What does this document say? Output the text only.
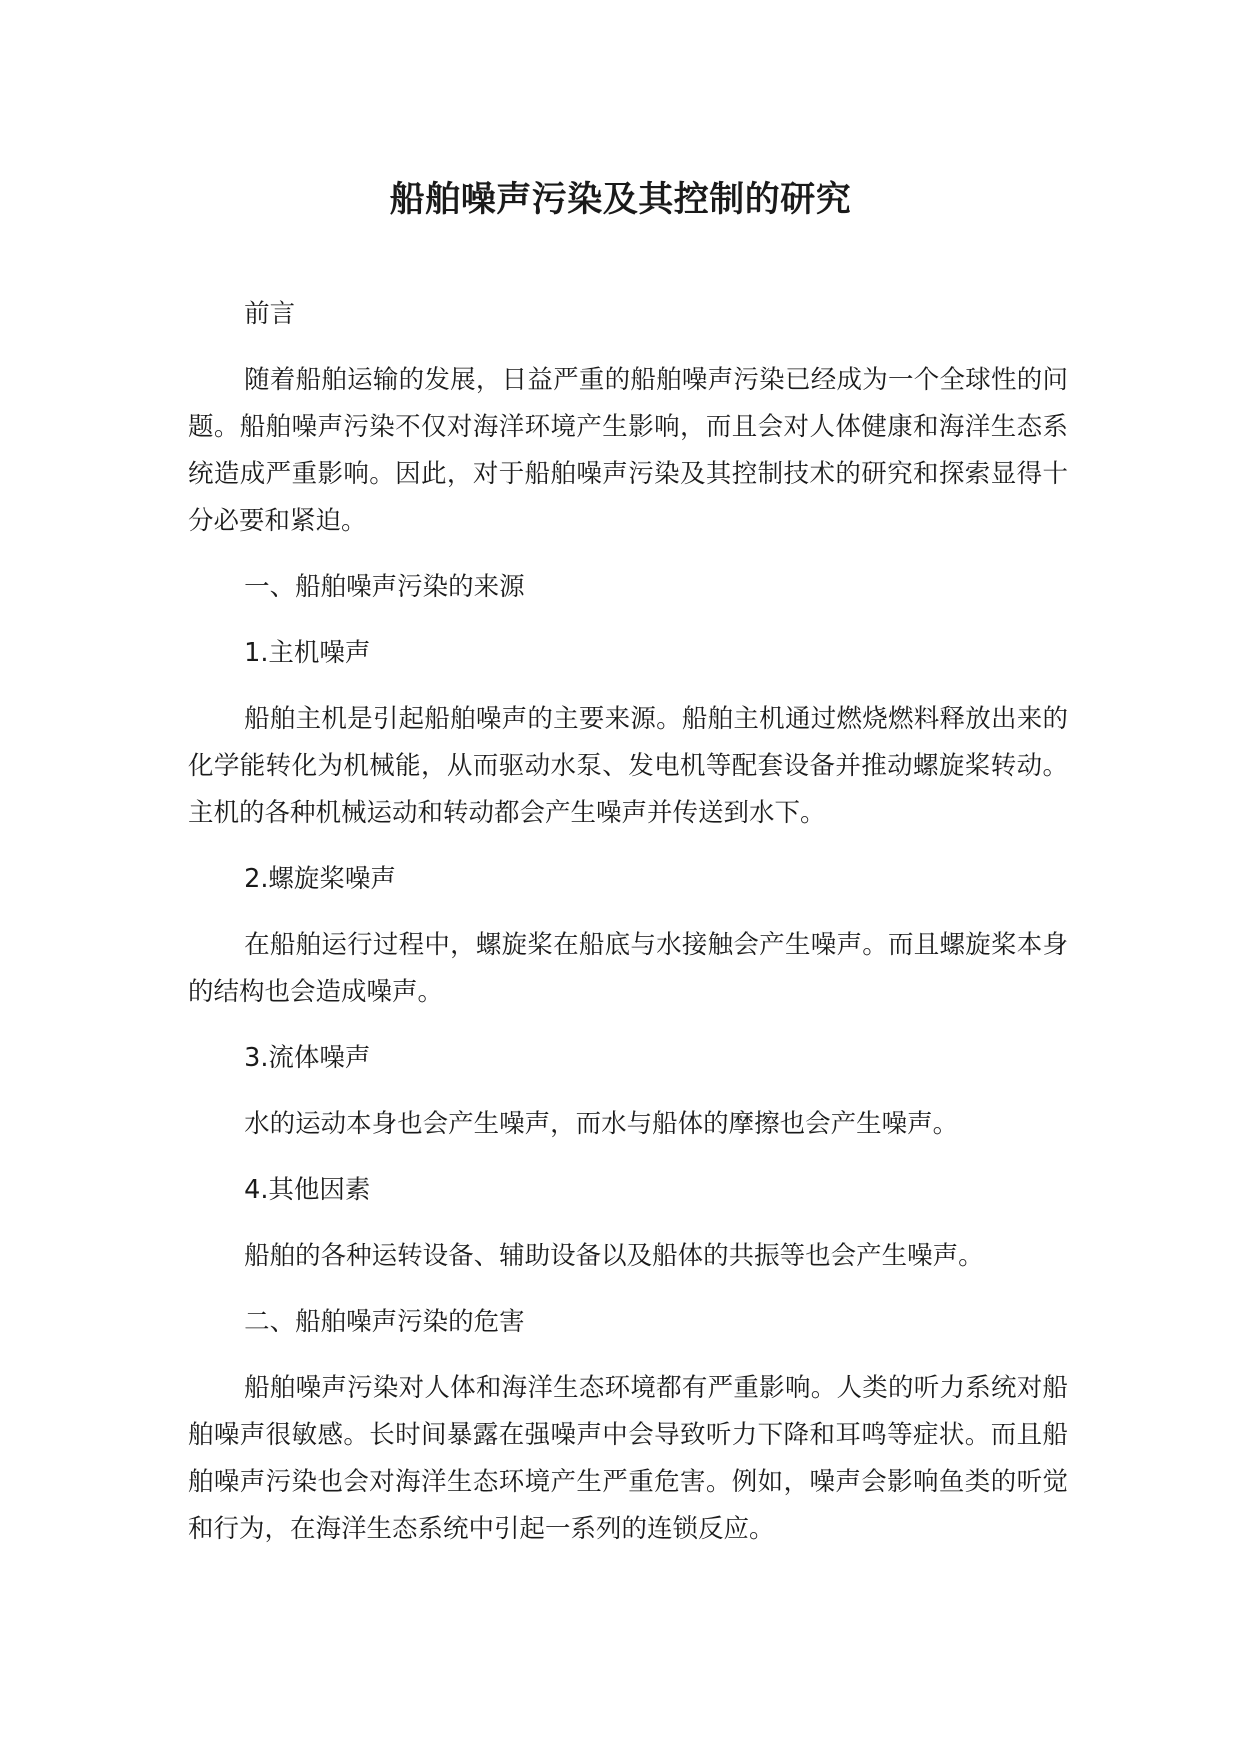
船舶噪声污染及其控制的研究

前言

随着船舶运输的发展，日益严重的船舶噪声污染已经成为一个全球性的问题。船舶噪声污染不仅对海洋环境产生影响，而且会对人体健康和海洋生态系统造成严重影响。因此，对于船舶噪声污染及其控制技术的研究和探索显得十分必要和紧迫。

一、船舶噪声污染的来源

1.主机噪声

船舶主机是引起船舶噪声的主要来源。船舶主机通过燃烧燃料释放出来的化学能转化为机械能，从而驱动水泵、发电机等配套设备并推动螺旋桨转动。主机的各种机械运动和转动都会产生噪声并传送到水下。

2.螺旋桨噪声

在船舶运行过程中，螺旋桨在船底与水接触会产生噪声。而且螺旋桨本身的结构也会造成噪声。

3.流体噪声

水的运动本身也会产生噪声，而水与船体的摩擦也会产生噪声。

4.其他因素

船舶的各种运转设备、辅助设备以及船体的共振等也会产生噪声。

二、船舶噪声污染的危害

船舶噪声污染对人体和海洋生态环境都有严重影响。人类的听力系统对船舶噪声很敏感。长时间暴露在强噪声中会导致听力下降和耳鸣等症状。而且船舶噪声污染也会对海洋生态环境产生严重危害。例如，噪声会影响鱼类的听觉和行为，在海洋生态系统中引起一系列的连锁反应。
